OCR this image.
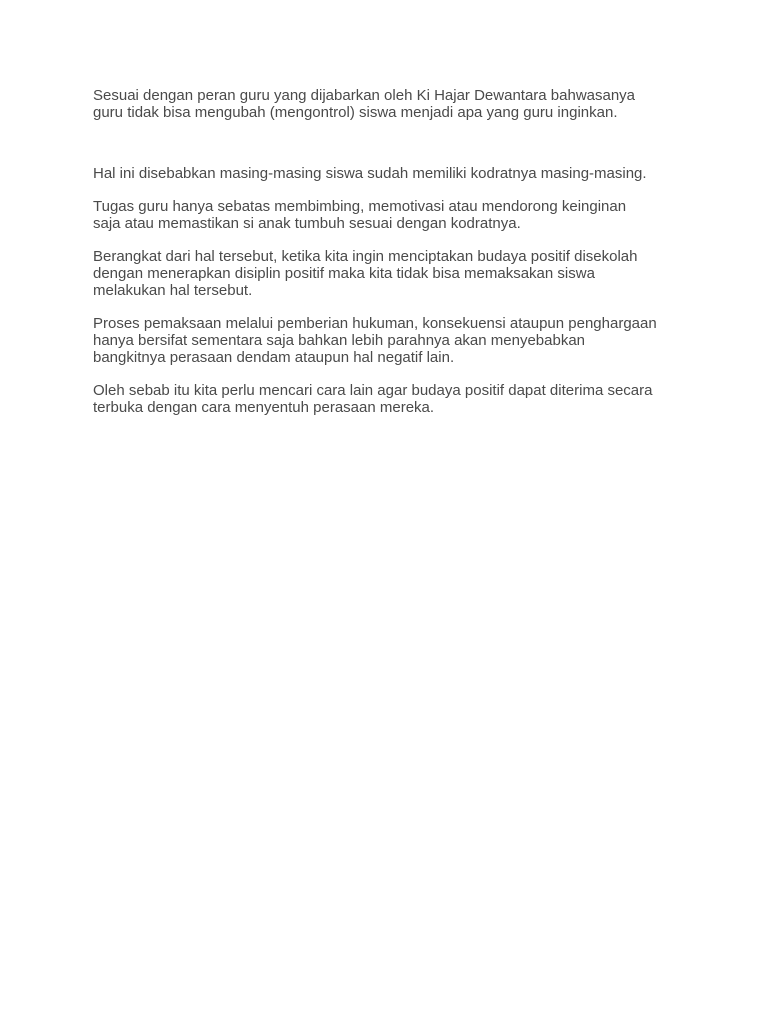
Sesuai dengan peran guru yang dijabarkan oleh Ki Hajar Dewantara bahwasanya
guru tidak bisa mengubah (mengontrol) siswa menjadi apa yang guru inginkan.

Hal ini disebabkan masing-masing siswa sudah memiliki kodratnya masing-masing.

Tugas guru hanya sebatas membimbing, memotivasi atau mendorong keinginan
saja atau memastikan si anak tumbuh sesuai dengan kodratnya.

Berangkat dari hal tersebut, ketika kita ingin menciptakan budaya positif disekolah
dengan menerapkan disiplin positif maka kita tidak bisa memaksakan siswa
melakukan hal tersebut.

Proses pemaksaan melalui pemberian hukuman, konsekuensi ataupun penghargaan
hanya bersifat sementara saja bahkan lebih parahnya akan menyebabkan
bangkitnya perasaan dendam ataupun hal negatif lain.

Oleh sebab itu kita perlu mencari cara lain agar budaya positif dapat diterima secara
terbuka dengan cara menyentuh perasaan mereka.
